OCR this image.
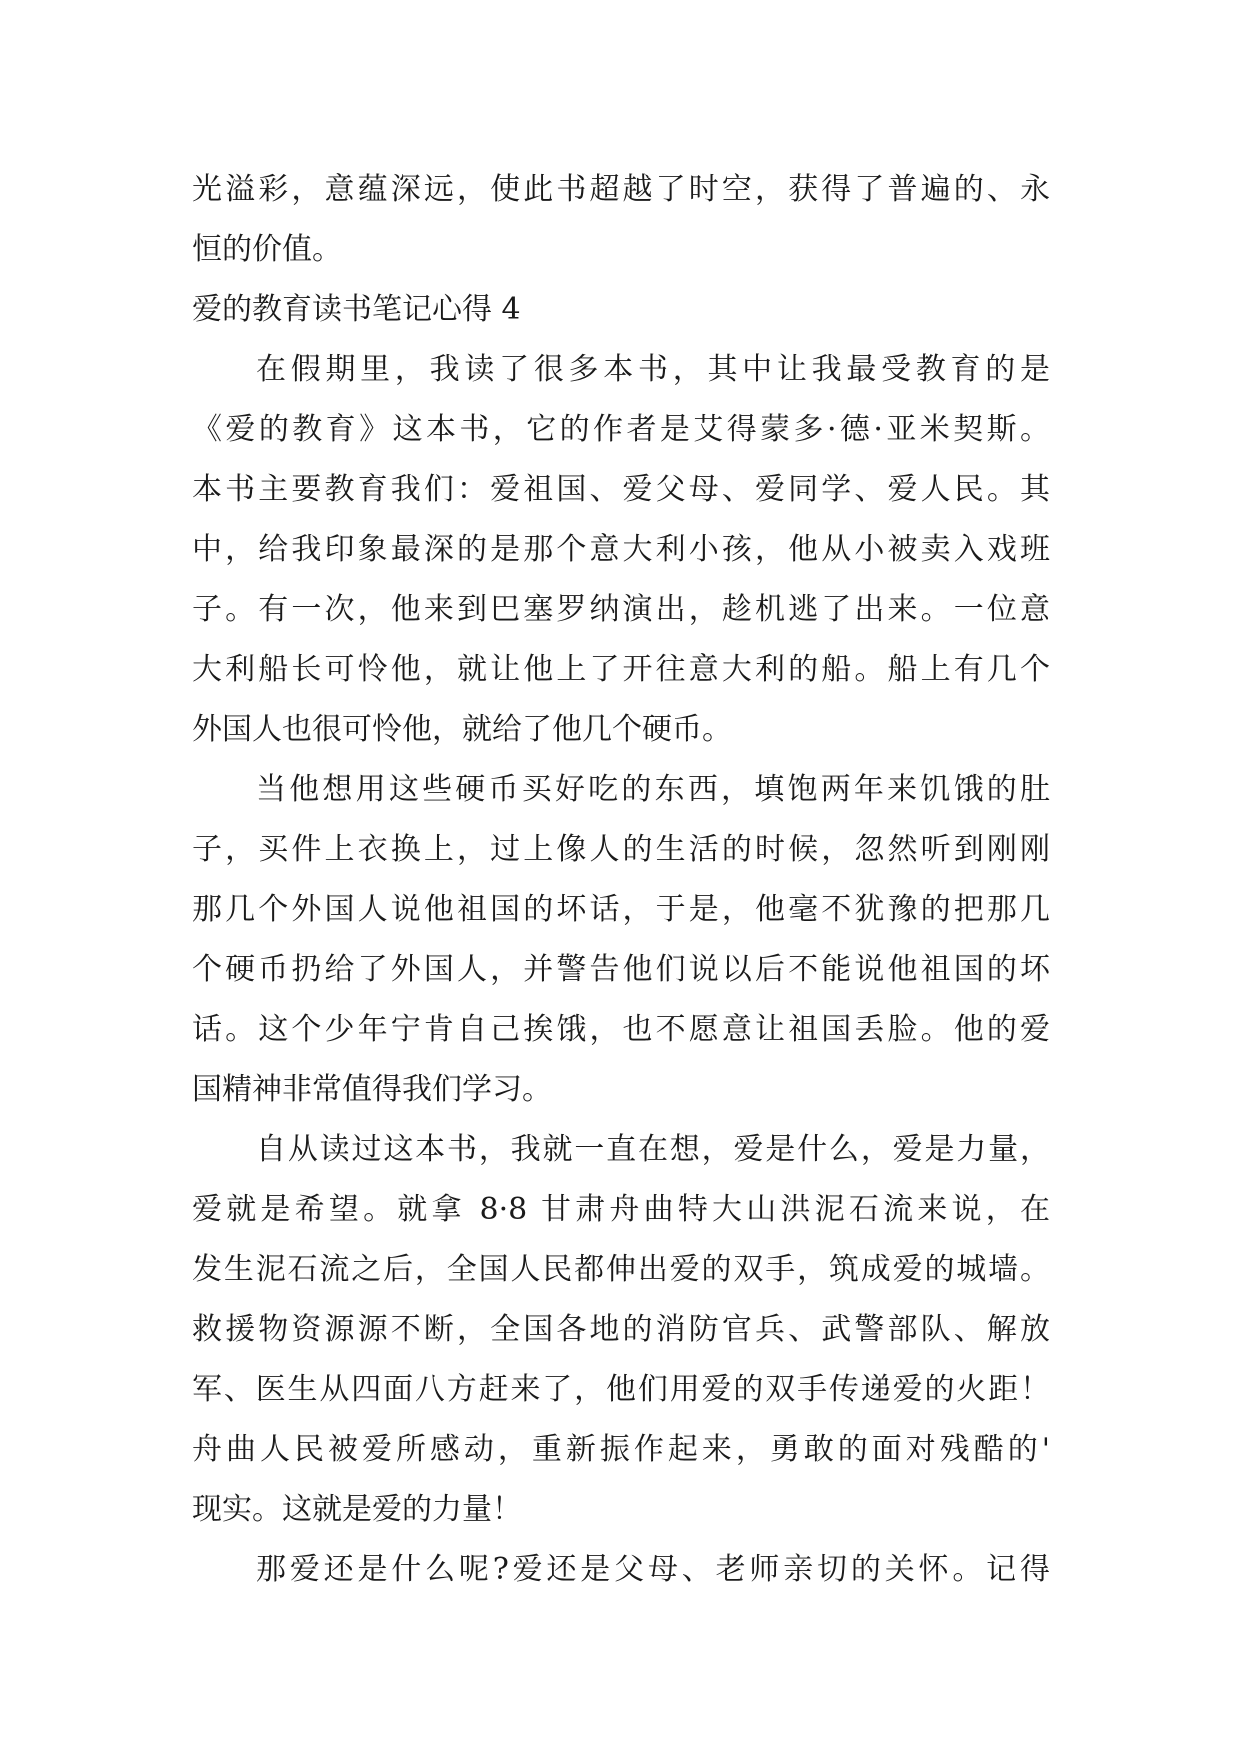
光溢彩，意蕴深远，使此书超越了时空，获得了普遍的、永
恒的价值。
爱的教育读书笔记心得 4
在假期里，我读了很多本书，其中让我最受教育的是
《爱的教育》这本书，它的作者是艾得蒙多·德·亚米契斯。
本书主要教育我们：爱祖国、爱父母、爱同学、爱人民。其
中，给我印象最深的是那个意大利小孩，他从小被卖入戏班
子。有一次，他来到巴塞罗纳演出，趁机逃了出来。一位意
大利船长可怜他，就让他上了开往意大利的船。船上有几个
外国人也很可怜他，就给了他几个硬币。
当他想用这些硬币买好吃的东西，填饱两年来饥饿的肚
子，买件上衣换上，过上像人的生活的时候，忽然听到刚刚
那几个外国人说他祖国的坏话，于是，他毫不犹豫的把那几
个硬币扔给了外国人，并警告他们说以后不能说他祖国的坏
话。这个少年宁肯自己挨饿，也不愿意让祖国丢脸。他的爱
国精神非常值得我们学习。
自从读过这本书，我就一直在想，爱是什么，爱是力量，
爱就是希望。就拿 8·8 甘肃舟曲特大山洪泥石流来说，在
发生泥石流之后，全国人民都伸出爱的双手，筑成爱的城墙。
救援物资源源不断，全国各地的消防官兵、武警部队、解放
军、医生从四面八方赶来了，他们用爱的双手传递爱的火距！
舟曲人民被爱所感动，重新振作起来，勇敢的面对残酷的'
现实。这就是爱的力量！
那爱还是什么呢?爱还是父母、老师亲切的关怀。记得
